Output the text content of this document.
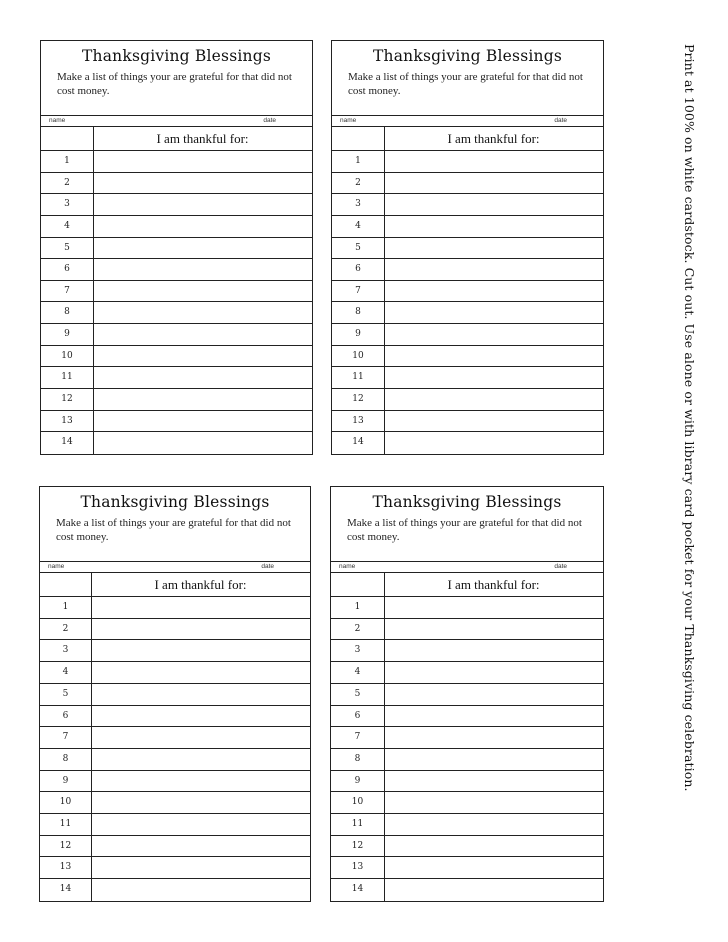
Thanksgiving Blessings
Make a list of things your are grateful for that did not cost money.
name	date
I am thankful for:
1
2
3
4
5
6
7
8
9
10
11
12
13
14
Thanksgiving Blessings
Make a list of things your are grateful for that did not cost money.
name	date
I am thankful for:
1
2
3
4
5
6
7
8
9
10
11
12
13
14
Thanksgiving Blessings
Make a list of things your are grateful for that did not cost money.
name	date
I am thankful for:
1
2
3
4
5
6
7
8
9
10
11
12
13
14
Thanksgiving Blessings
Make a list of things your are grateful for that did not cost money.
name	date
I am thankful for:
1
2
3
4
5
6
7
8
9
10
11
12
13
14
Print at 100% on white cardstock. Cut out. Use alone or with library card pocket for your Thanksgiving celebration.
